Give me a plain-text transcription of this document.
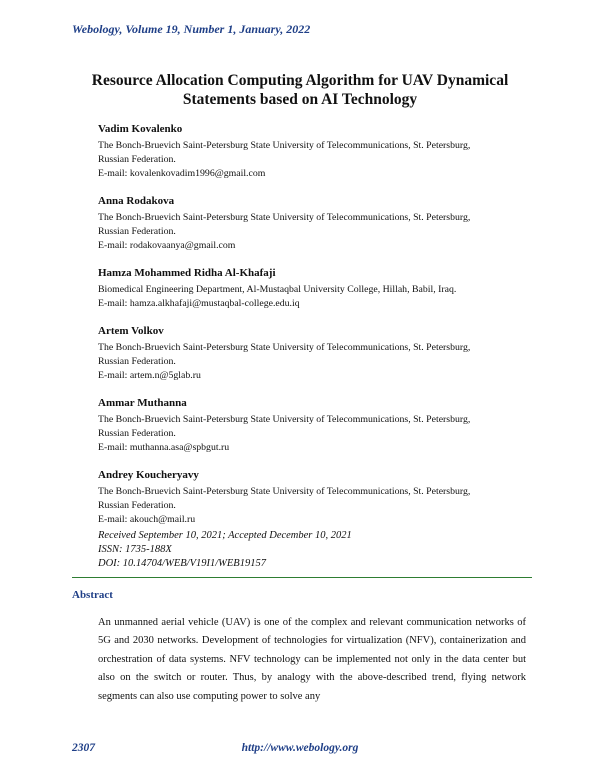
Webology, Volume 19, Number 1, January, 2022
Resource Allocation Computing Algorithm for UAV Dynamical Statements based on AI Technology
Vadim Kovalenko
The Bonch-Bruevich Saint-Petersburg State University of Telecommunications, St. Petersburg,
Russian Federation.
E-mail: kovalenkovadim1996@gmail.com
Anna Rodakova
The Bonch-Bruevich Saint-Petersburg State University of Telecommunications, St. Petersburg,
Russian Federation.
E-mail: rodakovaanya@gmail.com
Hamza Mohammed Ridha Al-Khafaji
Biomedical Engineering Department, Al-Mustaqbal University College, Hillah, Babil, Iraq.
E-mail: hamza.alkhafaji@mustaqbal-college.edu.iq
Artem Volkov
The Bonch-Bruevich Saint-Petersburg State University of Telecommunications, St. Petersburg,
Russian Federation.
E-mail: artem.n@5glab.ru
Ammar Muthanna
The Bonch-Bruevich Saint-Petersburg State University of Telecommunications, St. Petersburg,
Russian Federation.
E-mail: muthanna.asa@spbgut.ru
Andrey Koucheryavy
The Bonch-Bruevich Saint-Petersburg State University of Telecommunications, St. Petersburg,
Russian Federation.
E-mail: akouch@mail.ru
Received September 10, 2021; Accepted December 10, 2021
ISSN: 1735-188X
DOI: 10.14704/WEB/V19I1/WEB19157
Abstract
An unmanned aerial vehicle (UAV) is one of the complex and relevant communication networks of 5G and 2030 networks. Development of technologies for virtualization (NFV), containerization and orchestration of data systems. NFV technology can be implemented not only in the data center but also on the switch or router. Thus, by analogy with the above-described trend, flying network segments can also use computing power to solve any
2307	http://www.webology.org
